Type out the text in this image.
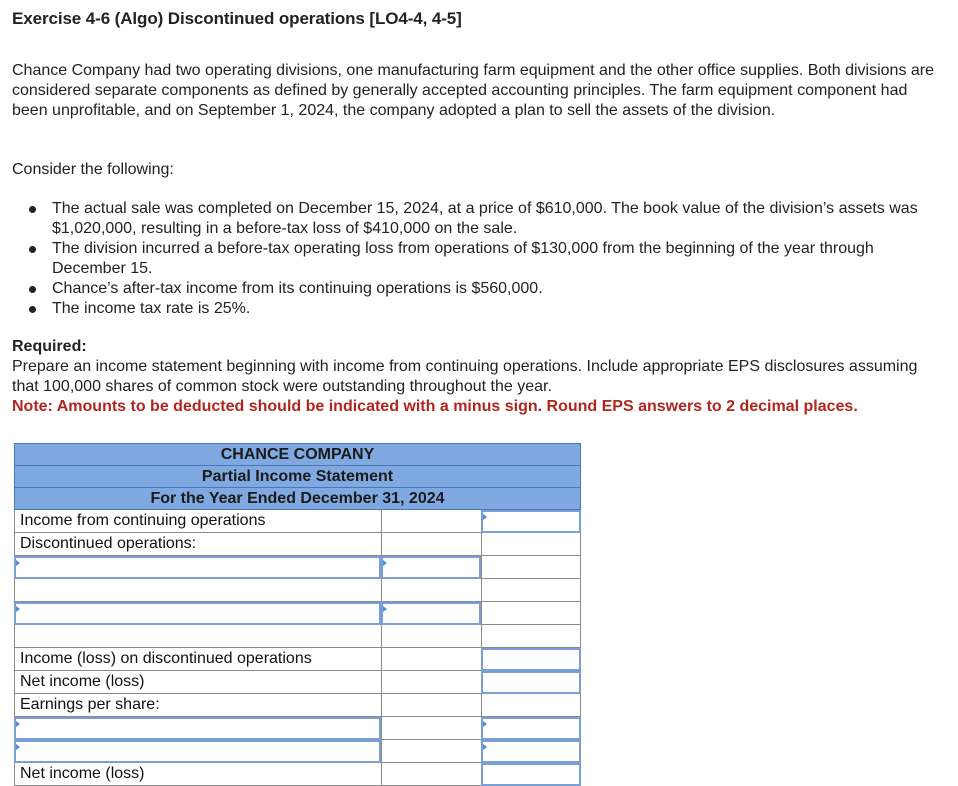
Exercise 4-6 (Algo) Discontinued operations [LO4-4, 4-5]
Chance Company had two operating divisions, one manufacturing farm equipment and the other office supplies. Both divisions are considered separate components as defined by generally accepted accounting principles. The farm equipment component had been unprofitable, and on September 1, 2024, the company adopted a plan to sell the assets of the division.
Consider the following:
The actual sale was completed on December 15, 2024, at a price of $610,000. The book value of the division’s assets was $1,020,000, resulting in a before-tax loss of $410,000 on the sale.
The division incurred a before-tax operating loss from operations of $130,000 from the beginning of the year through December 15.
Chance’s after-tax income from its continuing operations is $560,000.
The income tax rate is 25%.
Required:
Prepare an income statement beginning with income from continuing operations. Include appropriate EPS disclosures assuming that 100,000 shares of common stock were outstanding throughout the year.
Note: Amounts to be deducted should be indicated with a minus sign. Round EPS answers to 2 decimal places.
CHANCE COMPANY
Partial Income Statement
For the Year Ended December 31, 2024
Income from continuing operations
Discontinued operations:
Income (loss) on discontinued operations
Net income (loss)
Earnings per share:
Net income (loss)
